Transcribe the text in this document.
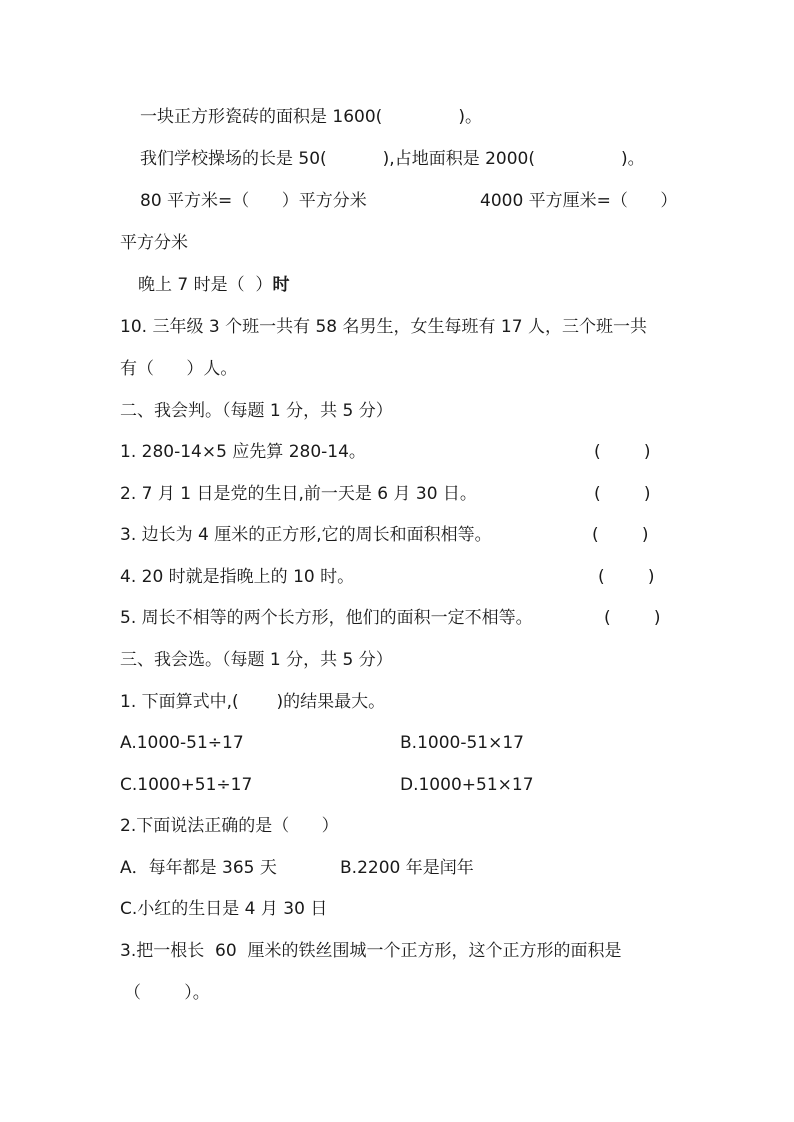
一块正方形瓷砖的面积是 1600(	)。
我们学校操场的长是 50(	),占地面积是 2000(	)。
80 平方米=（      ）平方分米	4000 平方厘米=（      ）
平方分米
晚上 7 时是（  ）时
10. 三年级 3 个班一共有 58 名男生，女生每班有 17 人，三个班一共
有（      ）人。
二、我会判。（每题 1 分，共 5 分）
1. 280-14×5 应先算 280-14。	(        )
2. 7 月 1 日是党的生日,前一天是 6 月 30 日。	(        )
3. 边长为 4 厘米的正方形,它的周长和面积相等。	(        )
4. 20 时就是指晚上的 10 时。	(        )
5. 周长不相等的两个长方形，他们的面积一定不相等。	(        )
三、我会选。（每题 1 分，共 5 分）
1. 下面算式中,(       )的结果最大。
A.1000-51÷17	B.1000-51×17
C.1000+51÷17	D.1000+51×17
2.下面说法正确的是（      ）
A．每年都是 365 天	B.2200 年是闰年
C.小红的生日是 4 月 30 日
3.把一根长  60  厘米的铁丝围城一个正方形，这个正方形的面积是
（        ）。
